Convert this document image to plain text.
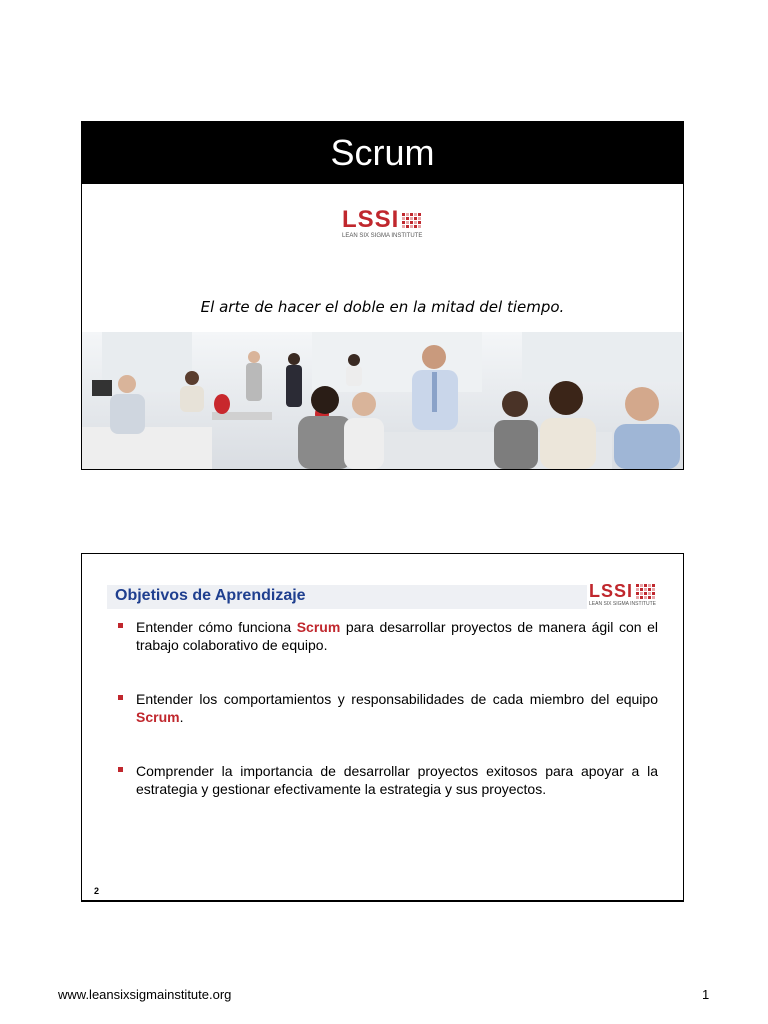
Scrum
LSSI
LEAN SIX SIGMA INSTITUTE
El arte de hacer el doble en la mitad del tiempo.
Objetivos de Aprendizaje	LSSI
LEAN SIX SIGMA INSTITUTE
Entender cómo funciona Scrum para desarrollar proyectos de manera ágil con el trabajo colaborativo de equipo.
Entender los comportamientos y responsabilidades de cada miembro del equipo Scrum.
Comprender la importancia de desarrollar proyectos exitosos para apoyar a la estrategia y gestionar efectivamente la estrategia y sus proyectos.
2
www.leansixsigmainstitute.org	1
